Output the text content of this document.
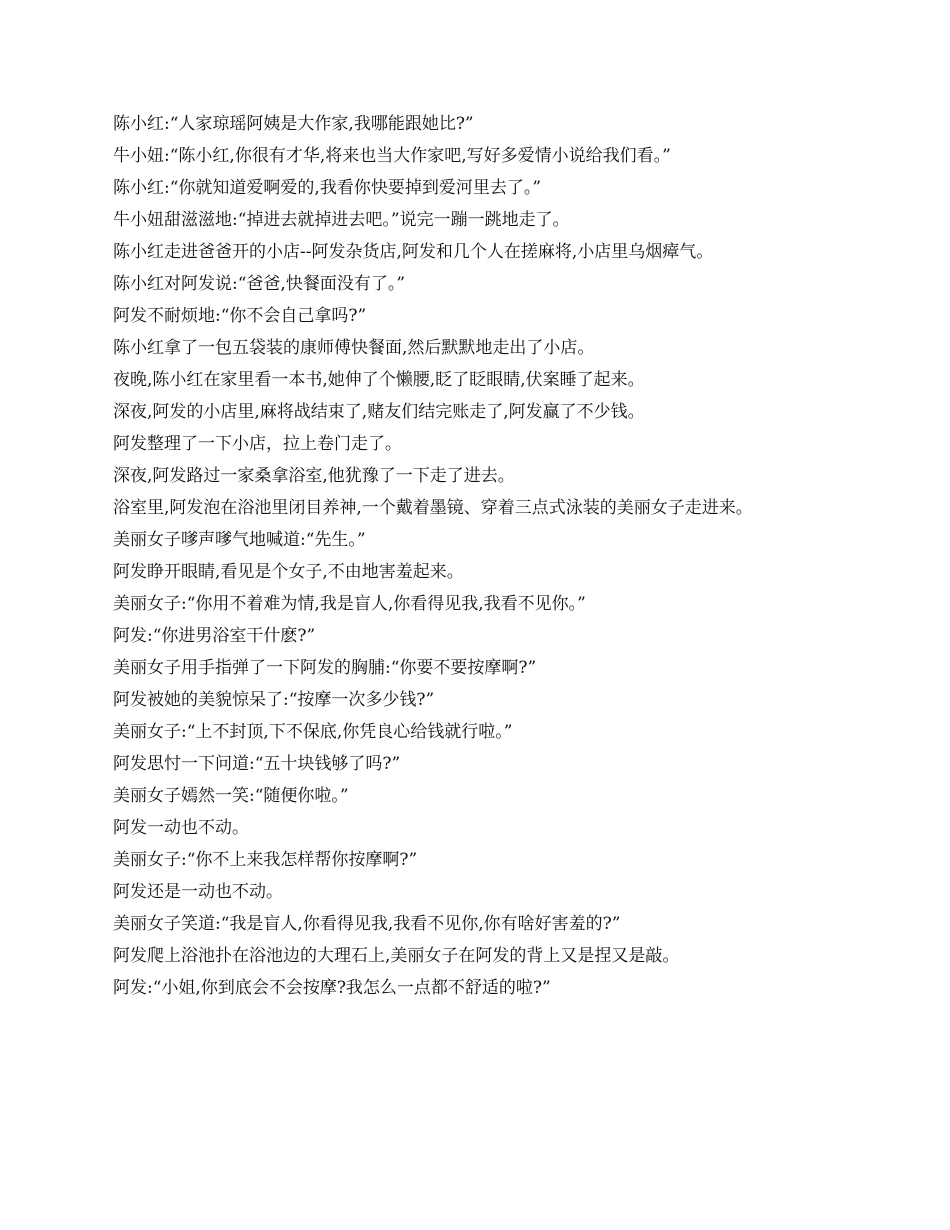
陈小红:“人家琼瑶阿姨是大作家,我哪能跟她比?”

牛小妞:“陈小红,你很有才华,将来也当大作家吧,写好多爱情小说给我们看。”

陈小红:“你就知道爱啊爱的,我看你快要掉到爱河里去了。”

牛小妞甜滋滋地:“掉进去就掉进去吧。”说完一蹦一跳地走了。

陈小红走进爸爸开的小店--阿发杂货店,阿发和几个人在搓麻将,小店里乌烟瘴气。

陈小红对阿发说:“爸爸,快餐面没有了。”

阿发不耐烦地:“你不会自己拿吗?”

陈小红拿了一包五袋装的康师傅快餐面,然后默默地走出了小店。

夜晚,陈小红在家里看一本书,她伸了个懒腰,眨了眨眼睛,伏案睡了起来。

深夜,阿发的小店里,麻将战结束了,赌友们结完账走了,阿发赢了不少钱。

阿发整理了一下小店，拉上卷门走了。

深夜,阿发路过一家桑拿浴室,他犹豫了一下走了进去。

浴室里,阿发泡在浴池里闭目养神,一个戴着墨镜、穿着三点式泳装的美丽女子走进来。

美丽女子嗲声嗲气地喊道:“先生。”

阿发睁开眼睛,看见是个女子,不由地害羞起来。

美丽女子:“你用不着难为情,我是盲人,你看得见我,我看不见你。”

阿发:“你进男浴室干什麽?”

美丽女子用手指弹了一下阿发的胸脯:“你要不要按摩啊?”

阿发被她的美貌惊呆了:“按摩一次多少钱?”

美丽女子:“上不封顶,下不保底,你凭良心给钱就行啦。”

阿发思忖一下问道:“五十块钱够了吗?”

美丽女子嫣然一笑:“随便你啦。”

阿发一动也不动。

美丽女子:“你不上来我怎样帮你按摩啊?”

阿发还是一动也不动。

美丽女子笑道:“我是盲人,你看得见我,我看不见你,你有啥好害羞的?”

阿发爬上浴池扑在浴池边的大理石上,美丽女子在阿发的背上又是捏又是敲。

阿发:“小姐,你到底会不会按摩?我怎么一点都不舒适的啦?”
